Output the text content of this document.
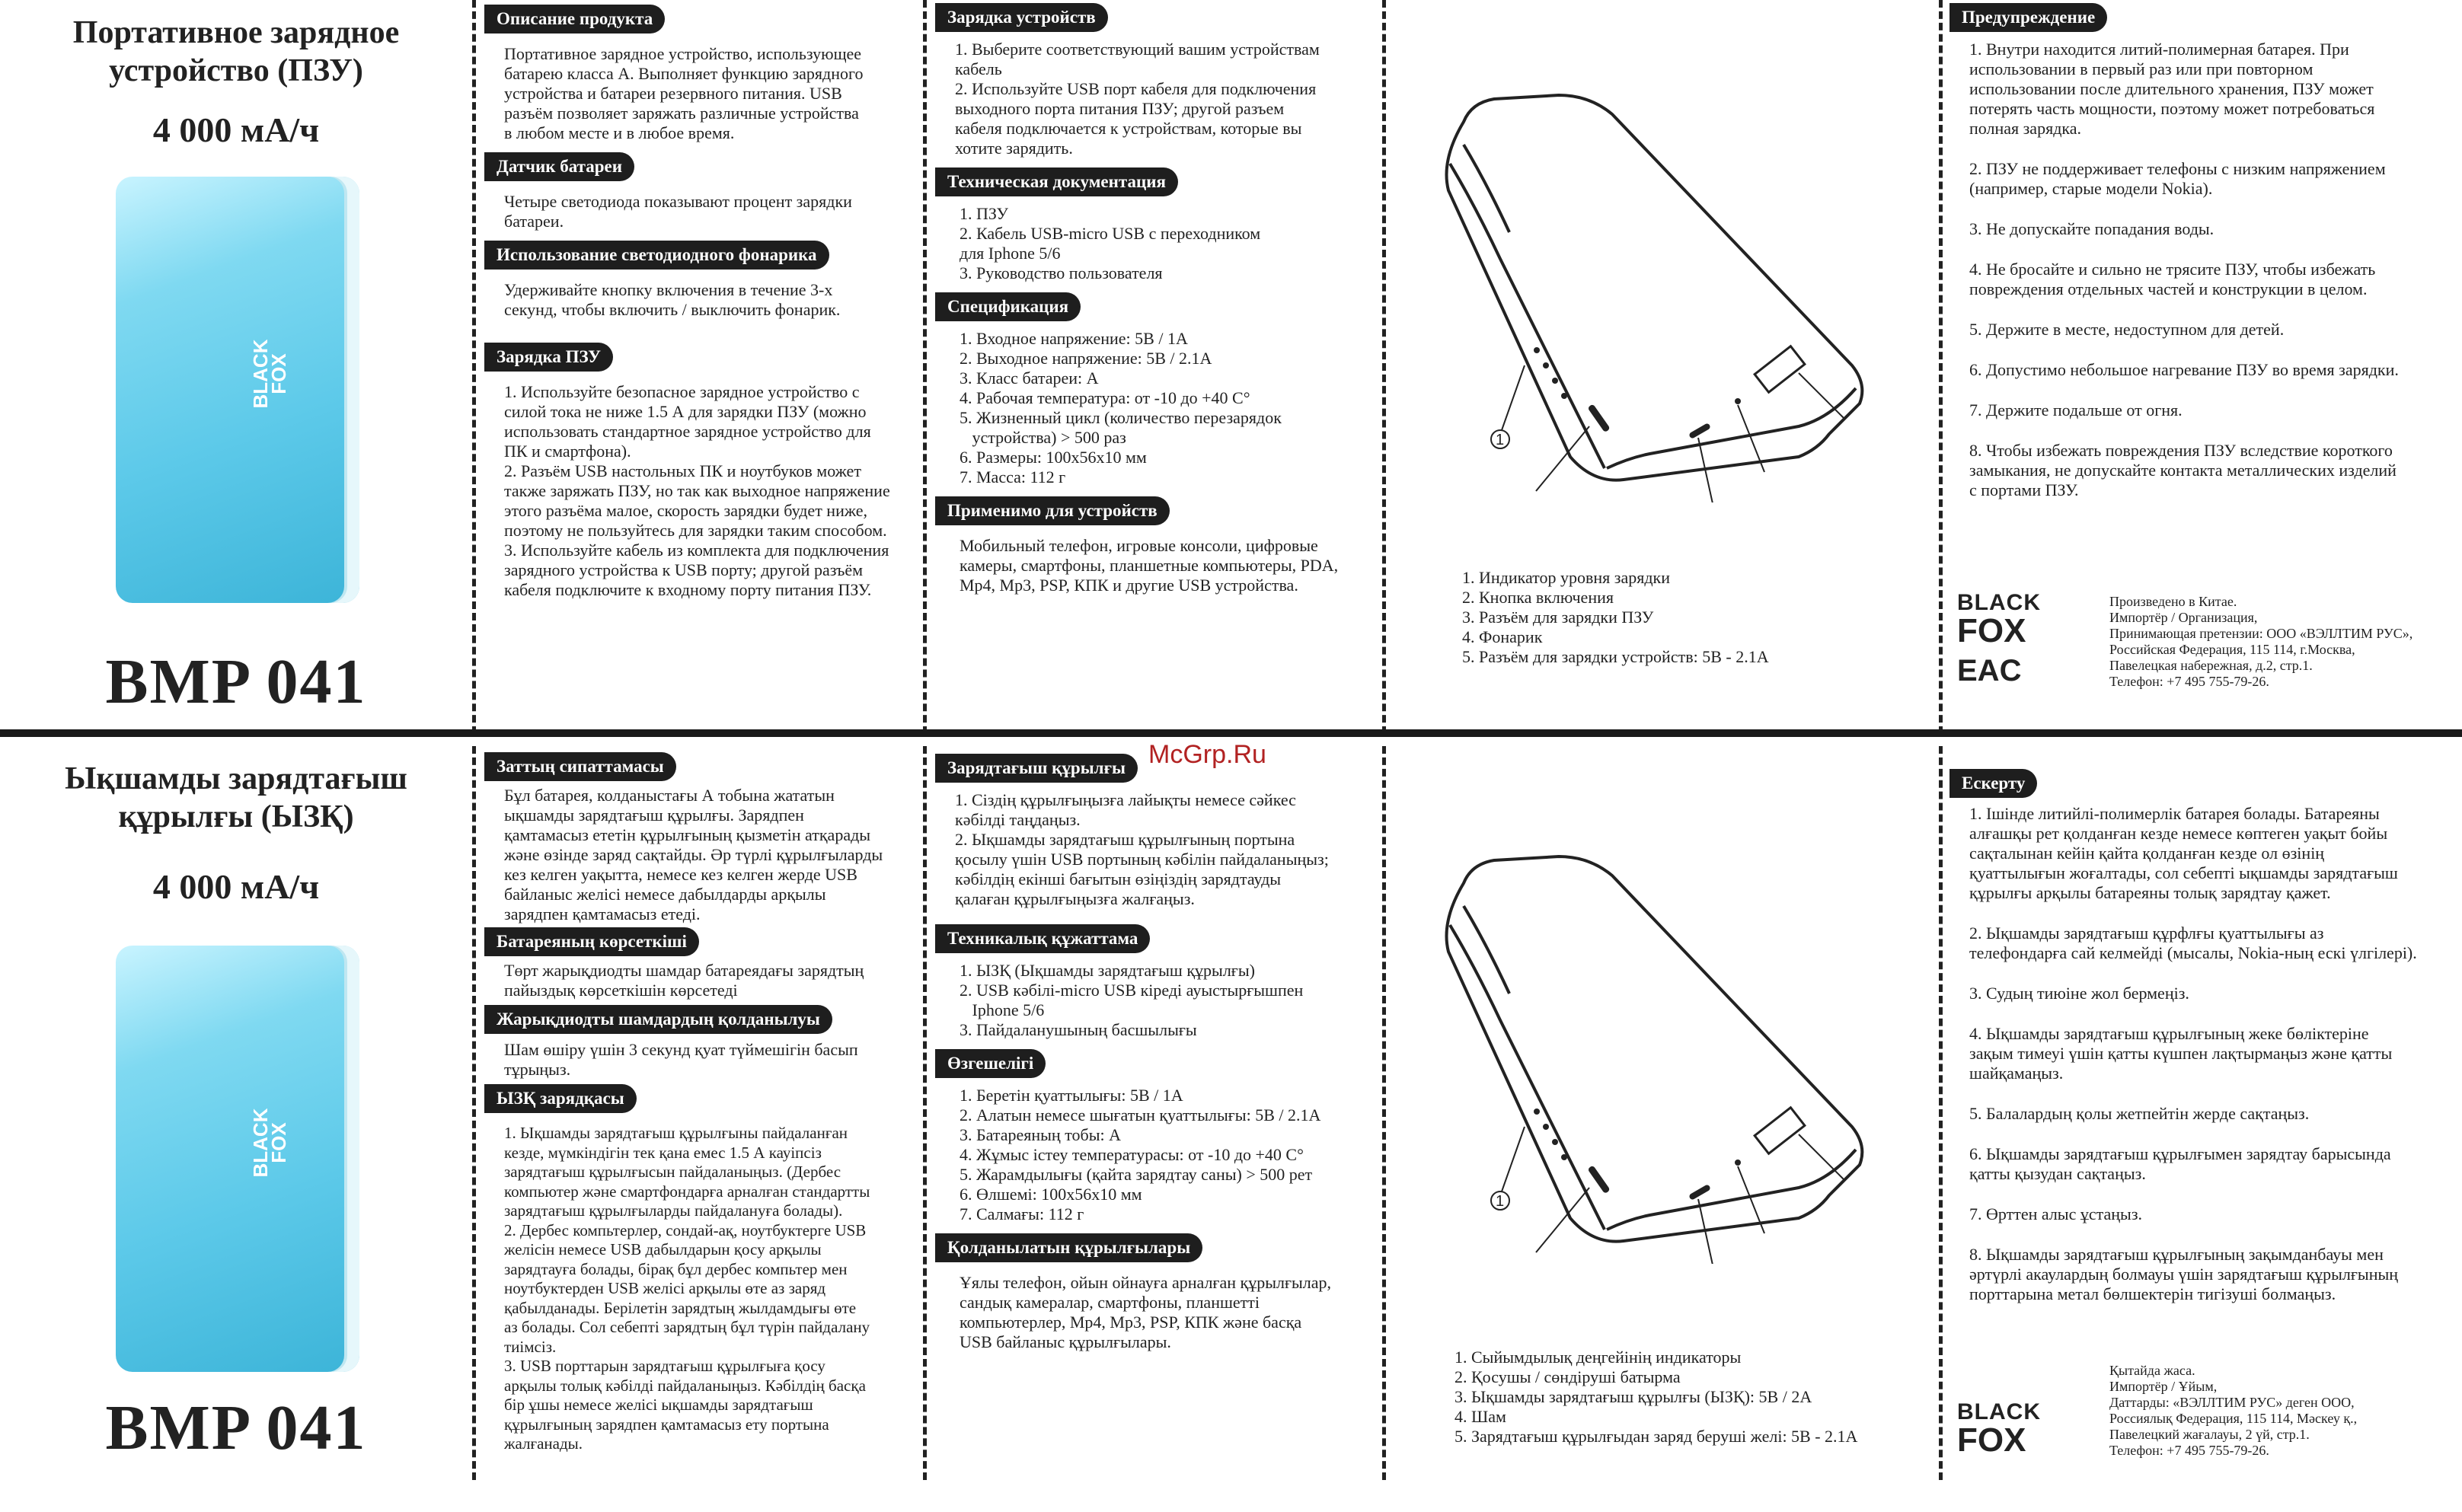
Портативное зарядное
устройство (ПЗУ)
4 000 мА/ч
BLACK
FOX
BMP 041
Описание продукта
Портативное зарядное устройство, использующее
батарею класса А. Выполняет функцию зарядного
устройства и батареи резервного питания. USB
разъём позволяет заряжать различные устройства
в любом месте и в любое время.
Датчик батареи
Четыре светодиода показывают процент зарядки
батареи.
Использование светодиодного фонарика
Удерживайте кнопку включения в течение 3-х
секунд, чтобы включить / выключить фонарик.
Зарядка ПЗУ
1. Используйте безопасное зарядное устройство с
силой тока не ниже 1.5 А для зарядки ПЗУ (можно
использовать стандартное зарядное устройство для
ПК и смартфона).
2. Разъём USB настольных ПК и ноутбуков может
также заряжать ПЗУ, но так как выходное напряжение
этого разъёма малое, скорость зарядки будет ниже,
поэтому не пользуйтесь для зарядки таким способом.
3. Используйте кабель из комплекта для подключения
зарядного устройства к USB порту; другой разъём
кабеля подключите к входному порту питания ПЗУ.
Зарядка устройств
1. Выберите соответствующий вашим устройствам
кабель
2. Используйте USB порт кабеля для подключения
выходного порта питания ПЗУ; другой разъем
кабеля подключается к устройствам, которые вы
хотите зарядить.
Техническая документация
1. ПЗУ
2. Кабель USB-micro USB с переходником
для Iphone 5/6
3. Руководство пользователя
Спецификация
1. Входное напряжение: 5В / 1А
2. Выходное напряжение: 5В / 2.1А
3. Класс батареи: А
4. Рабочая температура: от -10 до +40 С°
5. Жизненный цикл (количество перезарядок
устройства) > 500 раз
6. Размеры: 100x56x10 мм
7. Масса: 112 г
Применимо для устройств
Мобильный телефон, игровые консоли, цифровые
камеры, смартфоны, планшетные компьютеры, PDA,
Mp4, Mp3, PSP, КПК и другие USB устройства.
1
1. Индикатор уровня зарядки
2. Кнопка включения
3. Разъём для зарядки ПЗУ
4. Фонарик
5. Разъём для зарядки устройств: 5В - 2.1А
Предупреждение

1. Внутри находится литий-полимерная батарея. При
использовании в первый раз или при повторном
использовании после длительного хранения, ПЗУ может
потерять часть мощности, поэтому может потребоваться
полная зарядка.

2. ПЗУ не поддерживает телефоны с низким напряжением
(например, старые модели Nokia).

3. Не допускайте попадания воды.

4. Не бросайте и сильно не трясите ПЗУ, чтобы избежать
повреждения отдельных частей и конструкции в целом.

5. Держите в месте, недоступном для детей.

6. Допустимо небольшое нагревание ПЗУ во время зарядки.

7. Держите подальше от огня.

8. Чтобы избежать повреждения ПЗУ вследствие короткого
замыкания, не допускайте контакта металлических изделий
с портами ПЗУ.

BLACK
FOX
EAC
Произведено в Китае.
Импортёр / Организация,
Принимающая претензии: ООО «ВЭЛЛТИМ РУС»,
Российская Федерация, 115 114, г.Москва,
Павелецкая набережная, д.2, стр.1.
Телефон: +7 495 755-79-26.
McGrp.Ru
Ықшамды зарядтағыш
құрылғы (ЫЗҚ)
4 000 мА/ч
BLACK
FOX
BMP 041
Заттың сипаттамасы
Бұл батарея, колданыстағы А тобына жататын
ықшамды зарядтағыш құрылғы. Зарядпен
қамтамасыз ететін құрылғының қызметін атқарады
және өзінде заряд сақтайды. Әр түрлі құрылғыларды
кез келген уақытта, немесе кез келген жерде USB
байланыс желісі немесе дабылдарды арқылы
зарядпен қамтамасыз етеді.
Батареяның көрсеткіші
Төрт жарықдиодты шамдар батареядағы зарядтың
пайыздық көрсеткішін көрсетеді
Жарықдиодты шамдардың қолданылуы
Шам өшіру үшін 3 секунд қуат түймешігін басып
тұрыңыз.
ЫЗҚ зарядқасы
1. Ықшамды зарядтағыш құрылғыны пайдаланған
кезде, мүмкіндігін тек қана емес 1.5 А кауіпсіз
зарядтағыш құрылғысын пайдаланыңыз. (Дербес
компьютер және смартфондарға арналған стандартты
зарядтағыш құрылғыларды пайдалануға болады).
2. Дербес компьтерлер, сондай-ақ, ноутбуктерге USB
желісін немесе USB дабылдарын қосу арқылы
зарядтауға болады, бірақ бұл дербес компьтер мен
ноутбуктерден USB желісі арқылы өте аз заряд
қабылданады. Берілетін зарядтың жылдамдығы өте
аз болады. Сол себепті зарядтың бұл түрін пайдалану
тиімсіз.
3. USB порттарын зарядтағыш құрылғыға қосу
арқылы толық кәбілді пайдаланыңыз. Кәбілдің басқа
бір ұшы немесе желісі ықшамды зарядтағыш
құрылғының зарядпен қамтамасыз ету портына
жалғанады.
Зарядтағыш құрылғы
1. Сіздің құрылғыңызға лайықты немесе сәйкес
кәбілді таңдаңыз.
2. Ықшамды зарядтағыш құрылғының портына
қосылу үшін USB портының кәбілін пайдаланыңыз;
кәбілдің екінші бағытын өзіңіздің зарядтауды
қалаған құрылғыңызға жалғаңыз.
Техникалық құжаттама
1. ЫЗҚ (Ықшамды зарядтағыш құрылғы)
2. USB кәбілі-micro USB кіреді ауыстырғышпен
Iphone 5/6
3. Пайдаланушының басшылығы
Өзгешелігі
1. Беретін қуаттылығы: 5В / 1А
2. Алатын немесе шығатын қуаттылығы: 5В / 2.1А
3. Батареяның тобы: А
4. Жұмыс істеу температурасы: от -10 до +40 С°
5. Жарамдылығы (қайта зарядтау саны) > 500 рет
6. Өлшемі: 100x56x10 мм
7. Салмағы: 112 г
Қолданылатын құрылғылары
Ұялы телефон, ойын ойнауға арналған құрылғылар,
сандық камералар, смартфоны, планшетті
компьютерлер, Mp4, Mp3, PSP, КПК және басқа
USB байланыс құрылғылары.
1
1. Сыйымдылық деңгейінің индикаторы
2. Қосушы / сөндіруші батырма
3. Ықшамды зарядтағыш құрылғы (ЫЗҚ): 5В / 2А
4. Шам
5. Зарядтағыш құрылғыдан заряд беруші желі: 5В - 2.1А
Ескерту

1. Ішінде литийлі-полимерлік батарея болады. Батареяны
алғашқы рет қолданған кезде немесе көптеген уақыт бойы
сақталынан кейін қайта қолданған кезде ол өзінің
қуаттылығын жоғалтады, сол себепті ықшамды зарядтағыш
құрылғы арқылы батареяны толық зарядтау қажет.

2. Ықшамды зарядтағыш құрфлғы қуаттылығы аз
телефондарға сай келмейді (мысалы, Nokia-ның ескі үлгілері).

3. Судың тиюіне жол бермеңіз.

4. Ықшамды зарядтағыш құрылғының жеке бөліктеріне
зақым тимеуі үшін қатты күшпен лақтырмаңыз және қатты
шайқамаңыз.

5. Балалардың қолы жетпейтін жерде сақтаңыз.

6. Ықшамды зарядтағыш құрылғымен зарядтау барысында
қатты қызудан сақтаңыз.

7. Өрттен алыс ұстаңыз.

8. Ықшамды зарядтағыш құрылғының зақымданбауы мен
әртүрлі акаулардың болмауы үшін зарядтағыш құрылғының
порттарына метал бөлшектерін тигізуші болмаңыз.

BLACK
FOX
Қытайда жаса.
Импортёр / Ұйым,
Даттарды: «ВЭЛЛТИМ РУС» деген ООО,
Россиялық Федерация, 115 114, Мәскеу қ.,
Павелецкий жағалауы, 2 үй, стр.1.
Телефон: +7 495 755-79-26.
